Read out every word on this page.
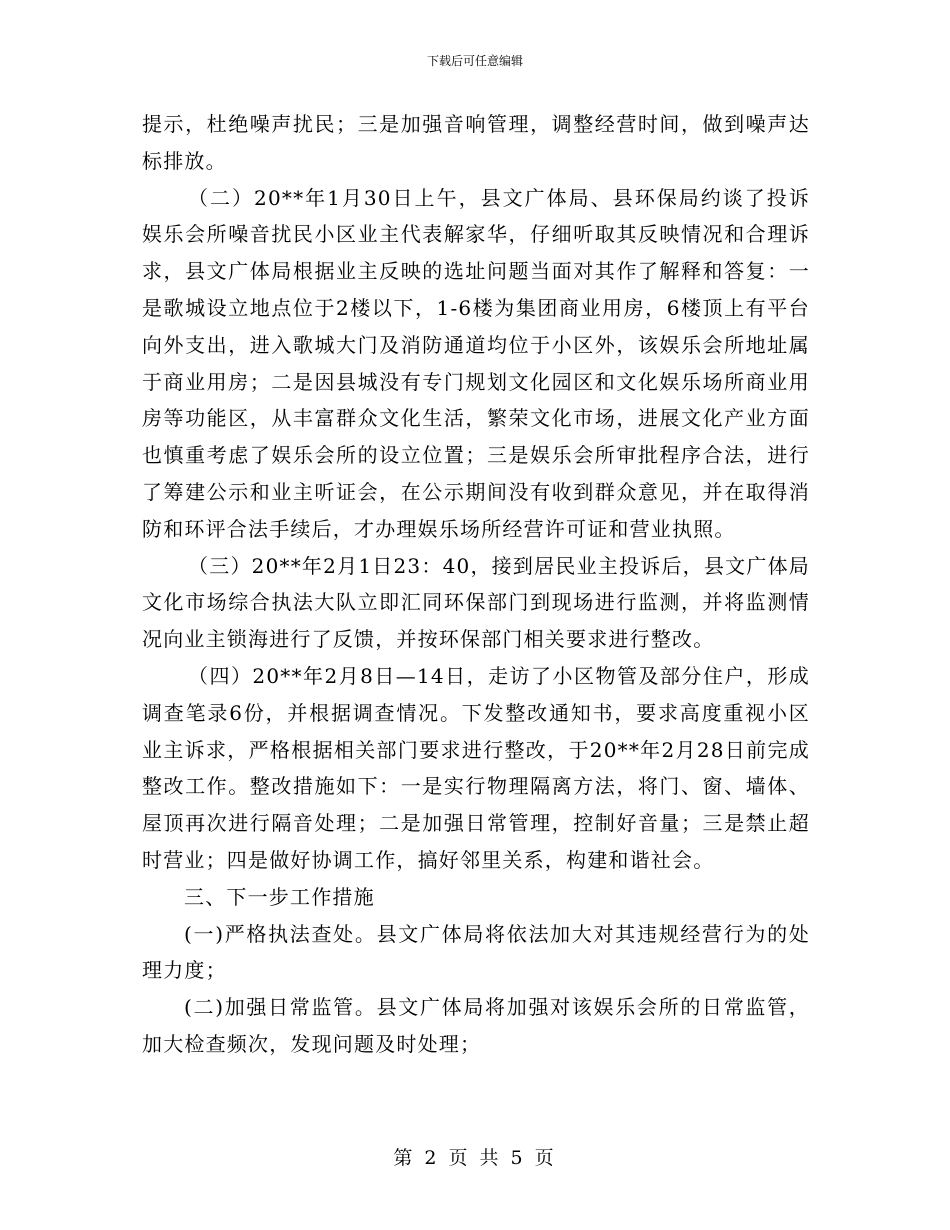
下载后可任意编辑

提示，杜绝噪声扰民；三是加强音响管理，调整经营时间，做到噪声达标排放。

（二）20**年1月30日上午，县文广体局、县环保局约谈了投诉娱乐会所噪音扰民小区业主代表解家华，仔细听取其反映情况和合理诉求，县文广体局根据业主反映的选址问题当面对其作了解释和答复：一是歌城设立地点位于2楼以下，1-6楼为集团商业用房，6楼顶上有平台向外支出，进入歌城大门及消防通道均位于小区外，该娱乐会所地址属于商业用房；二是因县城没有专门规划文化园区和文化娱乐场所商业用房等功能区，从丰富群众文化生活，繁荣文化市场，进展文化产业方面也慎重考虑了娱乐会所的设立位置；三是娱乐会所审批程序合法，进行了筹建公示和业主听证会，在公示期间没有收到群众意见，并在取得消防和环评合法手续后，才办理娱乐场所经营许可证和营业执照。

（三）20**年2月1日23：40，接到居民业主投诉后，县文广体局文化市场综合执法大队立即汇同环保部门到现场进行监测，并将监测情况向业主锁海进行了反馈，并按环保部门相关要求进行整改。

（四）20**年2月8日—14日，走访了小区物管及部分住户，形成调查笔录6份，并根据调查情况。下发整改通知书，要求高度重视小区业主诉求，严格根据相关部门要求进行整改，于20**年2月28日前完成整改工作。整改措施如下：一是实行物理隔离方法，将门、窗、墙体、屋顶再次进行隔音处理；二是加强日常管理，控制好音量；三是禁止超时营业；四是做好协调工作，搞好邻里关系，构建和谐社会。

三、下一步工作措施

(一)严格执法查处。县文广体局将依法加大对其违规经营行为的处理力度；

(二)加强日常监管。县文广体局将加强对该娱乐会所的日常监管，加大检查频次，发现问题及时处理；

第 2 页 共 5 页
